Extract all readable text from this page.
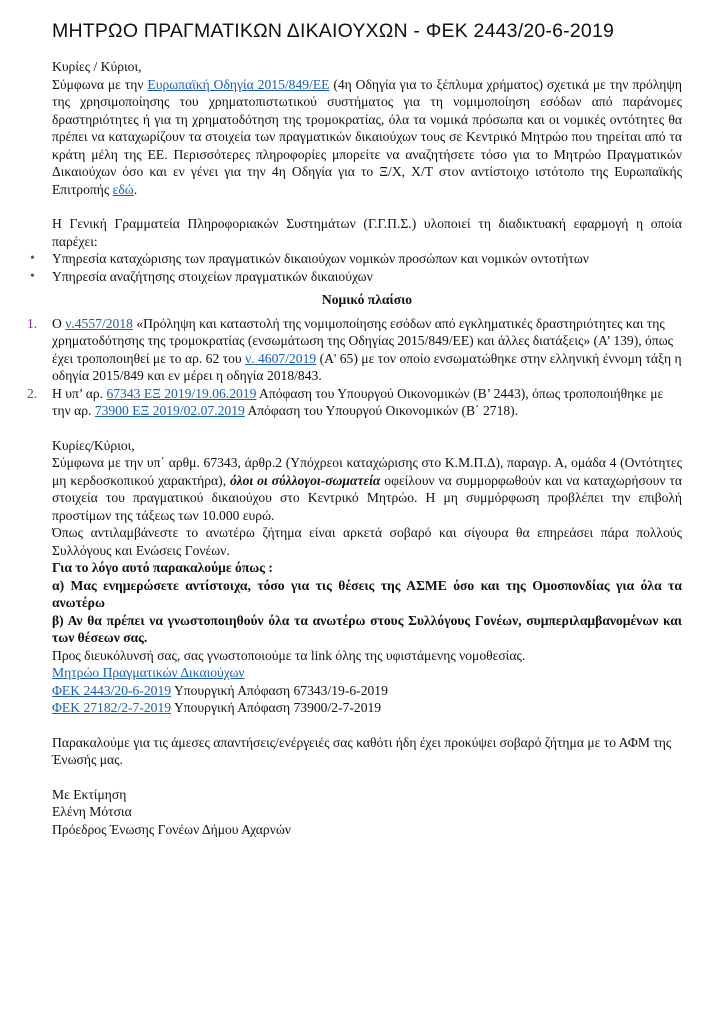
ΜΗΤΡΩΟ ΠΡΑΓΜΑΤΙΚΩΝ ΔΙΚΑΙΟΥΧΩΝ - ΦΕΚ 2443/20-6-2019

Κυρίες / Κύριοι,

Σύμφωνα με την Ευρωπαϊκή Οδηγία 2015/849/ΕΕ (4η Οδηγία για το ξέπλυμα χρήματος) σχετικά με την πρόληψη της χρησιμοποίησης του χρηματοπιστωτικού συστήματος για τη νομιμοποίηση εσόδων από παράνομες δραστηριότητες ή για τη χρηματοδότηση της τρομοκρατίας, όλα τα νομικά πρόσωπα και οι νομικές οντότητες θα πρέπει να καταχωρίζουν τα στοιχεία των πραγματικών δικαιούχων τους σε Κεντρικό Μητρώο που τηρείται από τα κράτη μέλη της ΕΕ. Περισσότερες πληροφορίες μπορείτε να αναζητήσετε τόσο για το Μητρώο Πραγματικών Δικαιούχων όσο και εν γένει για την 4η Οδηγία για το Ξ/Χ, Χ/Τ στον αντίστοιχο ιστότοπο της Ευρωπαϊκής Επιτροπής εδώ.

Η Γενική Γραμματεία Πληροφοριακών Συστημάτων (Γ.Γ.Π.Σ.) υλοποιεί τη διαδικτυακή εφαρμογή η οποία παρέχει:

• Υπηρεσία καταχώρισης των πραγματικών δικαιούχων νομικών προσώπων και νομικών οντοτήτων
• Υπηρεσία αναζήτησης στοιχείων πραγματικών δικαιούχων

Νομικό πλαίσιο

1. Ο ν.4557/2018 «Πρόληψη και καταστολή της νομιμοποίησης εσόδων από εγκληματικές δραστηριότητες και της χρηματοδότησης της τρομοκρατίας (ενσωμάτωση της Οδηγίας 2015/849/ΕΕ) και άλλες διατάξεις» (Α’ 139), όπως έχει τροποποιηθεί με το αρ. 62 του ν. 4607/2019 (Α' 65) με τον οποίο ενσωματώθηκε στην ελληνική έννομη τάξη η οδηγία 2015/849 και εν μέρει η οδηγία 2018/843.
2. Η υπ’ αρ. 67343 ΕΞ 2019/19.06.2019 Απόφαση του Υπουργού Οικονομικών (Β’ 2443), όπως τροποποιήθηκε με την αρ. 73900 ΕΞ 2019/02.07.2019 Απόφαση του Υπουργού Οικονομικών (Β΄ 2718).

Κυρίες/Κύριοι,

Σύμφωνα με την υπ΄ αρθμ. 67343, άρθρ.2 (Υπόχρεοι καταχώρισης στο Κ.Μ.Π.Δ), παραγρ. Α, ομάδα 4 (Οντότητες μη κερδοσκοπικού χαρακτήρα), όλοι οι σύλλογοι-σωματεία οφείλουν να συμμορφωθούν και να καταχωρήσουν τα στοιχεία του πραγματικού δικαιούχου στο Κεντρικό Μητρώο. Η μη συμμόρφωση προβλέπει την επιβολή προστίμων της τάξεως των 10.000 ευρώ.

Όπως αντιλαμβάνεστε το ανωτέρω ζήτημα είναι αρκετά σοβαρό και σίγουρα θα επηρεάσει πάρα πολλούς Συλλόγους και Ενώσεις Γονέων.

Για το λόγο αυτό παρακαλούμε όπως :

α) Μας ενημερώσετε αντίστοιχα, τόσο για τις θέσεις της ΑΣΜΕ όσο και της Ομοσπονδίας για όλα τα ανωτέρω

β) Αν θα πρέπει να γνωστοποιηθούν όλα τα ανωτέρω στους Συλλόγους Γονέων, συμπεριλαμβανομένων και των θέσεων σας.

Προς διευκόλυνσή σας, σας γνωστοποιούμε τα link όλης της υφιστάμενης νομοθεσίας.

Μητρώο Πραγματικών Δικαιούχων

ΦΕΚ 2443/20-6-2019 Υπουργική Απόφαση 67343/19-6-2019

ΦΕΚ 27182/2-7-2019 Υπουργική Απόφαση 73900/2-7-2019

Παρακαλούμε για τις άμεσες απαντήσεις/ενέργειές σας καθότι ήδη έχει προκύψει σοβαρό ζήτημα με το ΑΦΜ της Ένωσής μας.

Με Εκτίμηση

Ελένη Μότσια

Πρόεδρος Ένωσης Γονέων Δήμου Αχαρνών
